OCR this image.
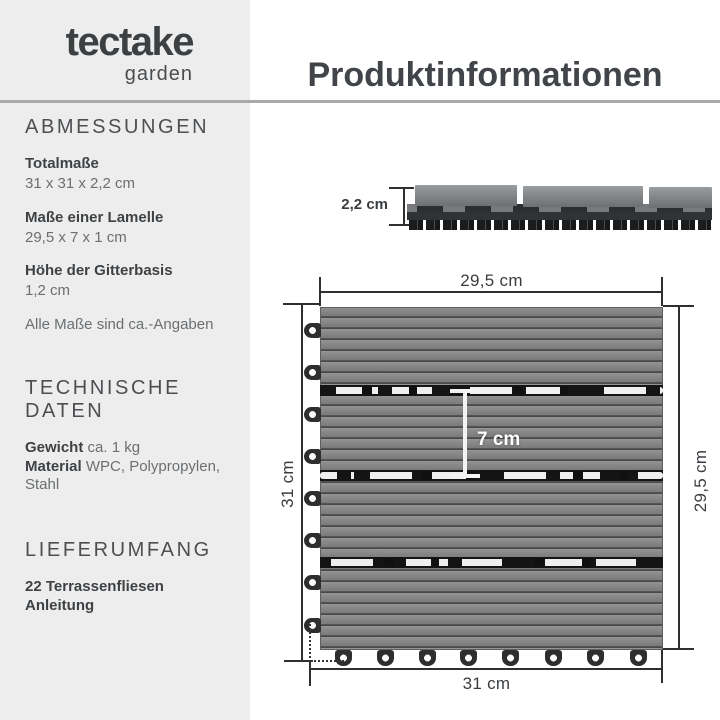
tectake
garden	Produktinformationen
ABMESSUNGEN
Totalmaße
31 x 31 x 2,2 cm
Maße einer Lamelle
29,5 x 7 x 1 cm
Höhe der Gitterbasis
1,2 cm
Alle Maße sind ca.-Angaben
TECHNISCHE DATEN
Gewicht ca. 1 kg
Material WPC, Polypropylen, Stahl
LIEFERUMFANG
22 Terrassenfliesen
Anleitung
2,2 cm
29,5 cm
31 cm	29,5 cm
31 cm
7 cm
